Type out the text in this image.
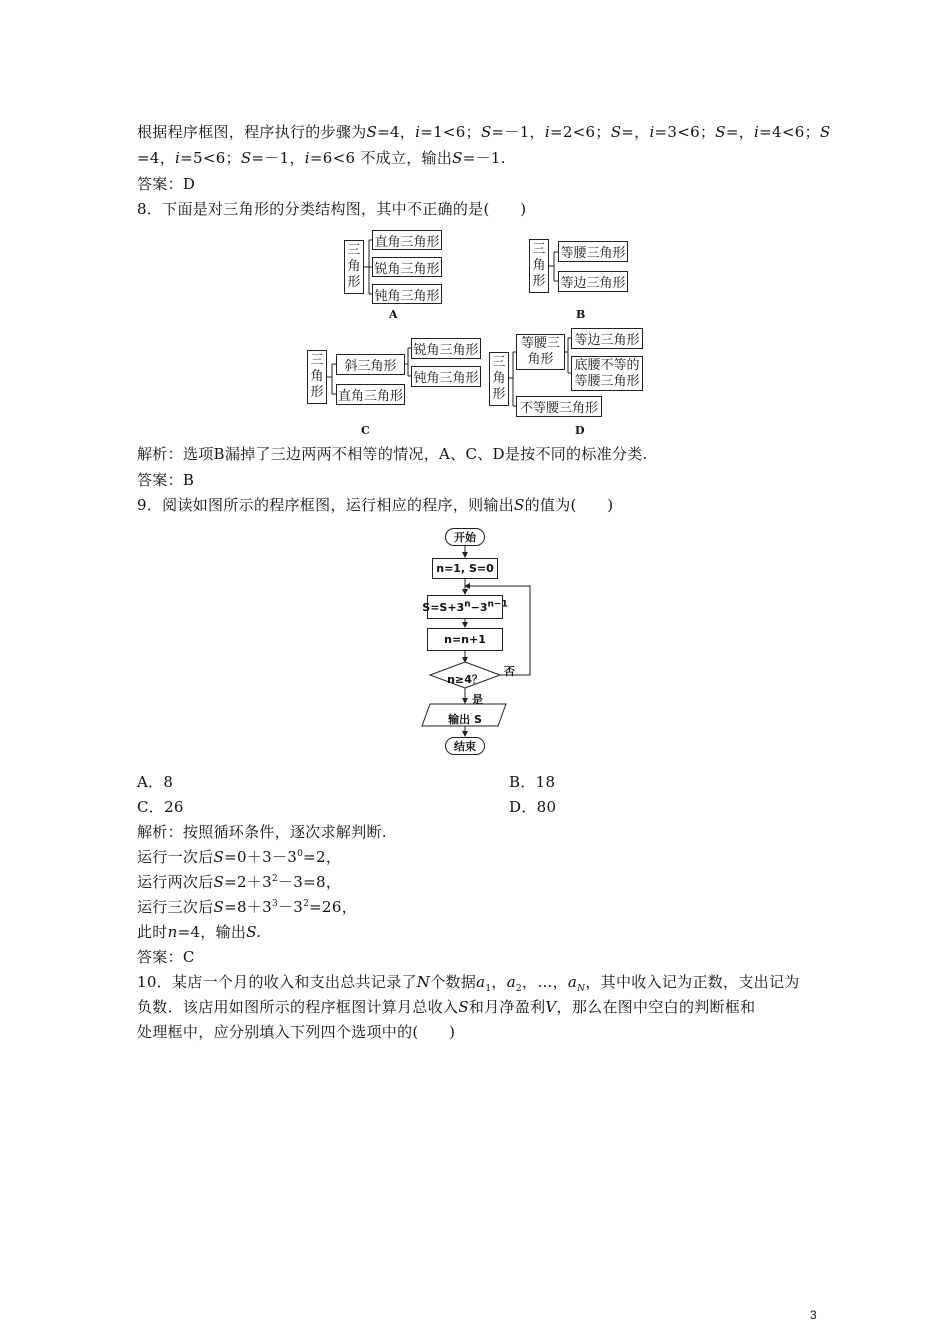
根据程序框图，程序执行的步骤为S=4，i=1<6；S=－1，i=2<6；S=，i=3<6；S=，i=4<6；S
=4，i=5<6；S=－1，i=6<6 不成立，输出S=－1.
答案：D
8．下面是对三角形的分类结构图，其中不正确的是(　　)
三
角
形
直角三角形
锐角三角形
钝角三角形
A
三
角
形
等腰三角形
等边三角形
B
三
角
形
斜三角形
直角三角形
锐角三角形
钝角三角形
C
三
角
形
等腰三
角形
不等腰三角形
等边三角形
底腰不等的
等腰三角形
D
解析：选项B漏掉了三边两两不相等的情况，A、C、D是按不同的标准分类.
答案：B
9．阅读如图所示的程序框图，运行相应的程序，则输出S的值为(　　)
开始
n=1, S=0
$S=S+3^n-3^{n-1}$
n=n+1
n≥4？
否
是
输出 S
结束
A．8	B．18
C．26	D．80
解析：按照循环条件，逐次求解判断.
运行一次后$S=0+3-3^0=2$，
运行两次后$S=2+3^2-3=8$，
运行三次后$S=8+3^3-3^2=26$，
此时n=4，输出S.
答案：C
10．某店一个月的收入和支出总共记录了N个数据$a_1$，$a_2$，…，$a_N$，其中收入记为正数，支出记为
负数．该店用如图所示的程序框图计算月总收入S和月净盈利V，那么在图中空白的判断框和
处理框中，应分别填入下列四个选项中的(　　)
3
